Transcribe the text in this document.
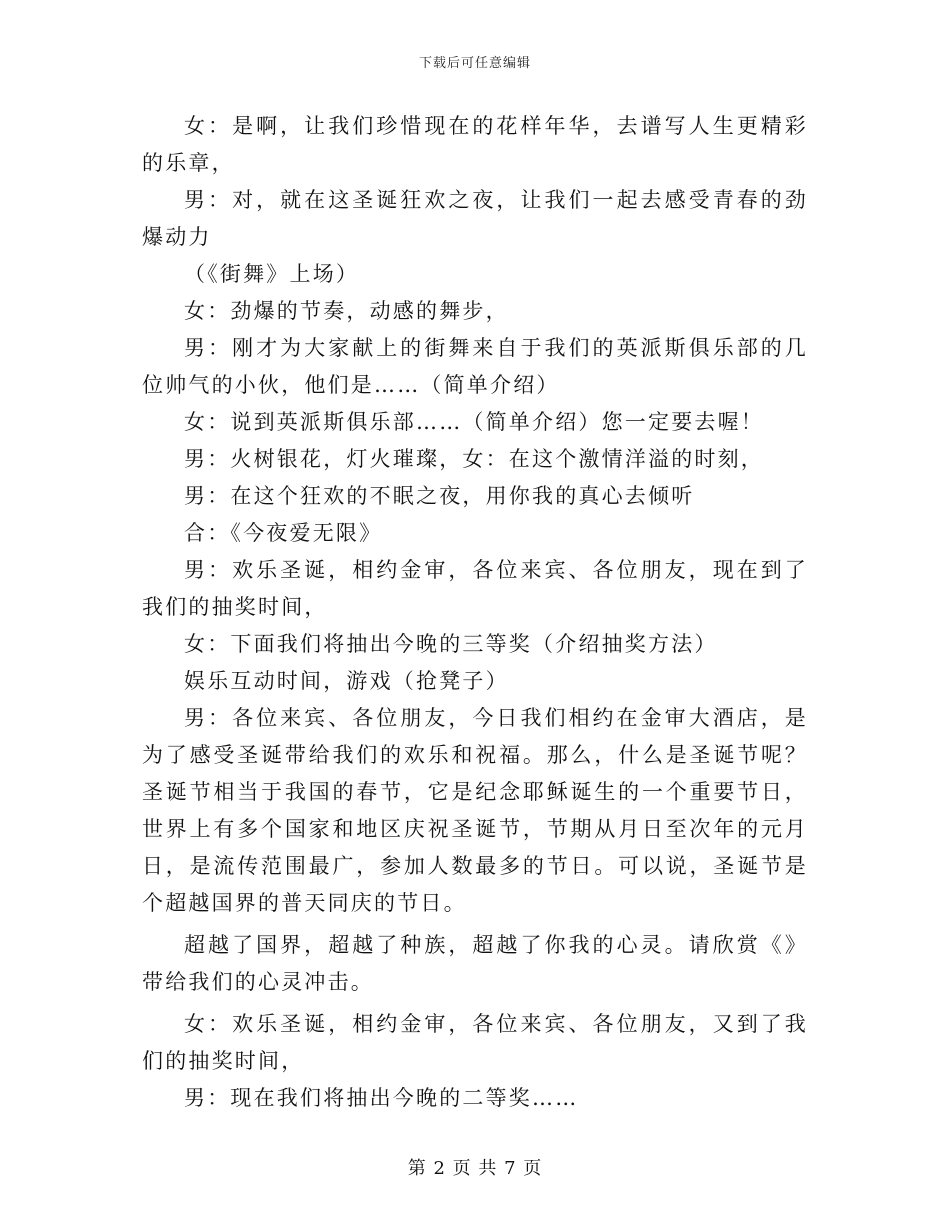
下载后可任意编辑

女：是啊，让我们珍惜现在的花样年华，去谱写人生更精彩的乐章，

男：对，就在这圣诞狂欢之夜，让我们一起去感受青春的劲爆动力

（《街舞》上场）

女：劲爆的节奏，动感的舞步，

男：刚才为大家献上的街舞来自于我们的英派斯俱乐部的几位帅气的小伙，他们是……（简单介绍）

女：说到英派斯俱乐部……（简单介绍）您一定要去喔！

男：火树银花，灯火璀璨，女：在这个激情洋溢的时刻，

男：在这个狂欢的不眠之夜，用你我的真心去倾听

合：《今夜爱无限》

男：欢乐圣诞，相约金审，各位来宾、各位朋友，现在到了我们的抽奖时间，

女：下面我们将抽出今晚的三等奖（介绍抽奖方法）

娱乐互动时间，游戏（抢凳子）

男：各位来宾、各位朋友，今日我们相约在金审大酒店，是为了感受圣诞带给我们的欢乐和祝福。那么，什么是圣诞节呢？圣诞节相当于我国的春节，它是纪念耶稣诞生的一个重要节日，世界上有多个国家和地区庆祝圣诞节，节期从月日至次年的元月日，是流传范围最广，参加人数最多的节日。可以说，圣诞节是个超越国界的普天同庆的节日。

超越了国界，超越了种族，超越了你我的心灵。请欣赏《》带给我们的心灵冲击。

女：欢乐圣诞，相约金审，各位来宾、各位朋友，又到了我们的抽奖时间，

男：现在我们将抽出今晚的二等奖……

第 2 页 共 7 页
